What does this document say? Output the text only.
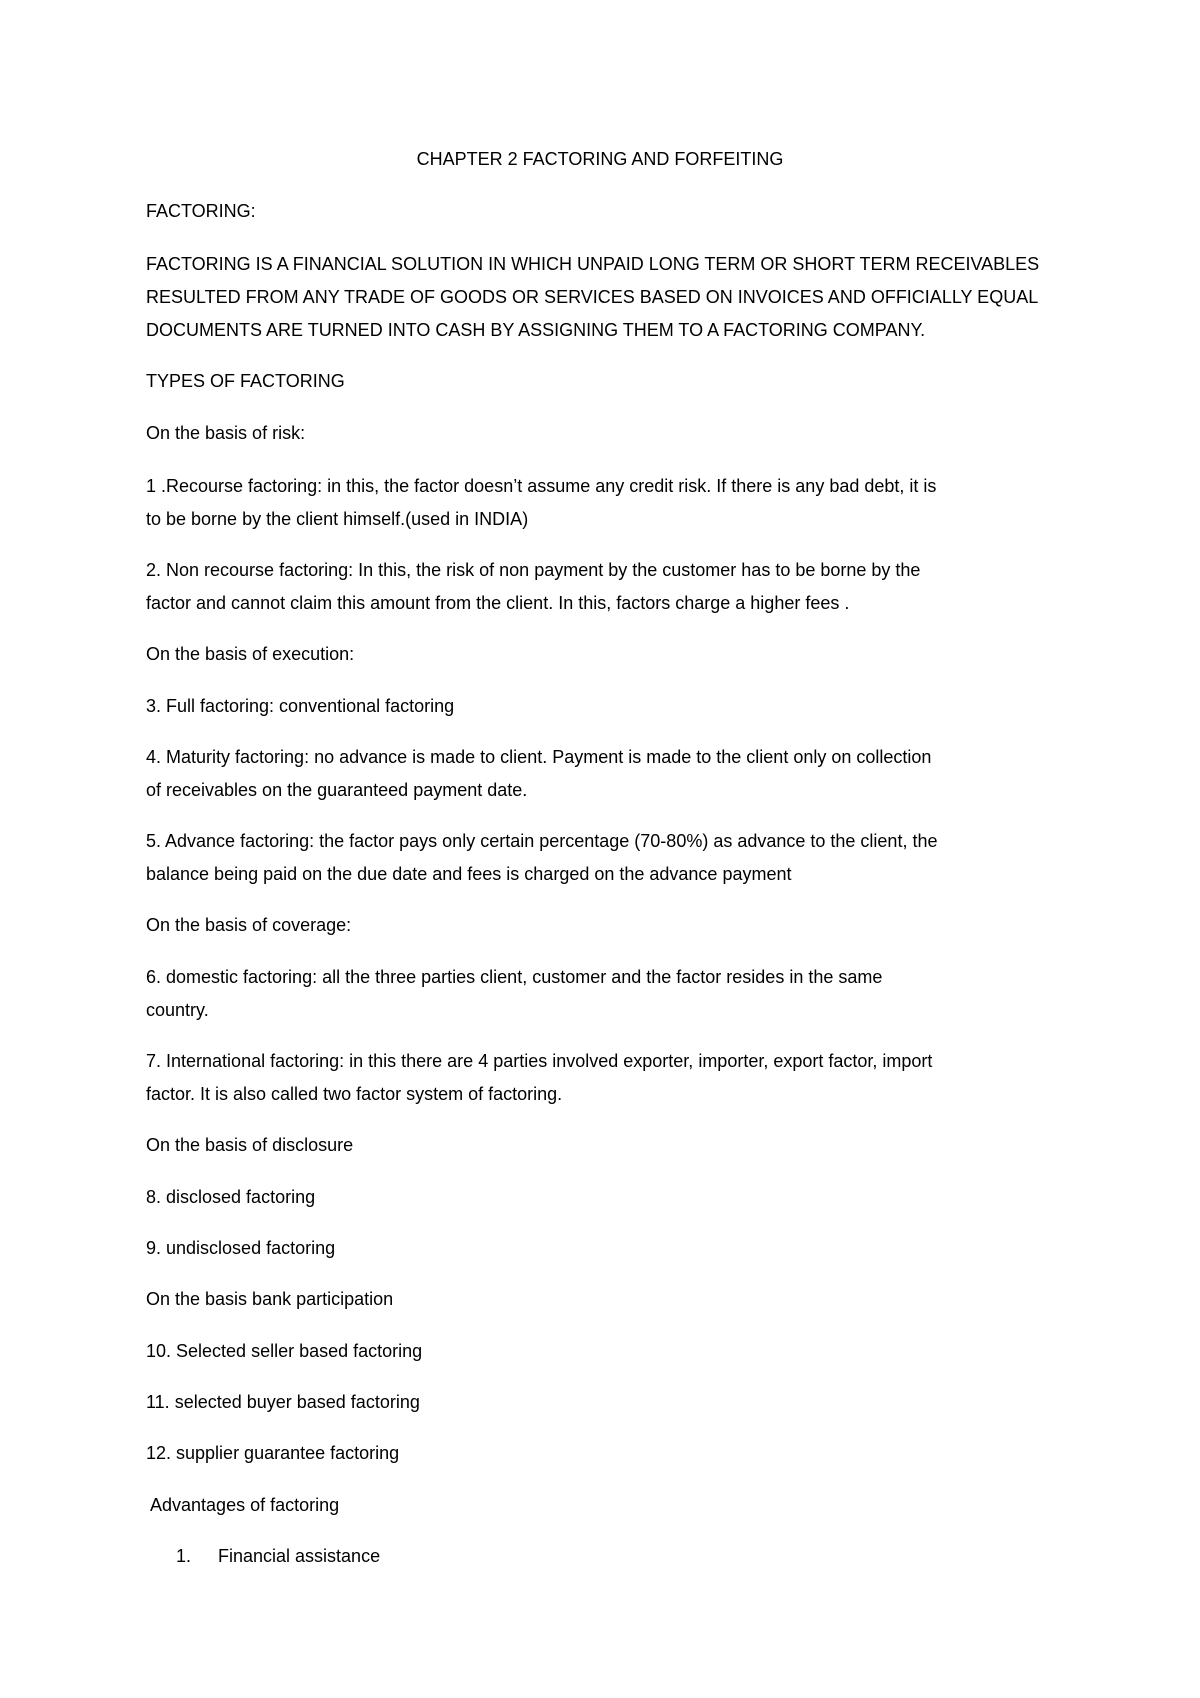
CHAPTER 2 FACTORING AND FORFEITING
FACTORING:
FACTORING IS A FINANCIAL SOLUTION IN WHICH UNPAID LONG TERM OR SHORT TERM RECEIVABLES
RESULTED FROM ANY TRADE OF GOODS OR SERVICES BASED ON INVOICES AND OFFICIALLY EQUAL
DOCUMENTS ARE TURNED INTO CASH BY ASSIGNING THEM TO A FACTORING COMPANY.
TYPES OF FACTORING
On the basis of risk:
1 .Recourse factoring: in this, the factor doesn’t assume any credit risk. If there is any bad debt, it is
to be borne by the client himself.(used in INDIA)
2. Non recourse factoring: In this, the risk of non payment by the customer has to be borne by the
factor and cannot claim this amount from the client. In this, factors charge a higher fees .
On the basis of execution:
3. Full factoring: conventional factoring
4. Maturity factoring: no advance is made to client. Payment is made to the client only on collection
of receivables on the guaranteed payment date.
5. Advance factoring: the factor pays only certain percentage (70-80%) as advance to the client, the
balance being paid on the due date and fees is charged on the advance payment
On the basis of coverage:
6. domestic factoring: all the three parties client, customer and the factor resides in the same
country.
7. International factoring: in this there are 4 parties involved exporter, importer, export factor, import
factor. It is also called two factor system of factoring.
On the basis of disclosure
8. disclosed factoring
9. undisclosed factoring
On the basis bank participation
10. Selected seller based factoring
11. selected buyer based factoring
12. supplier guarantee factoring
Advantages of factoring
1. Financial assistance
